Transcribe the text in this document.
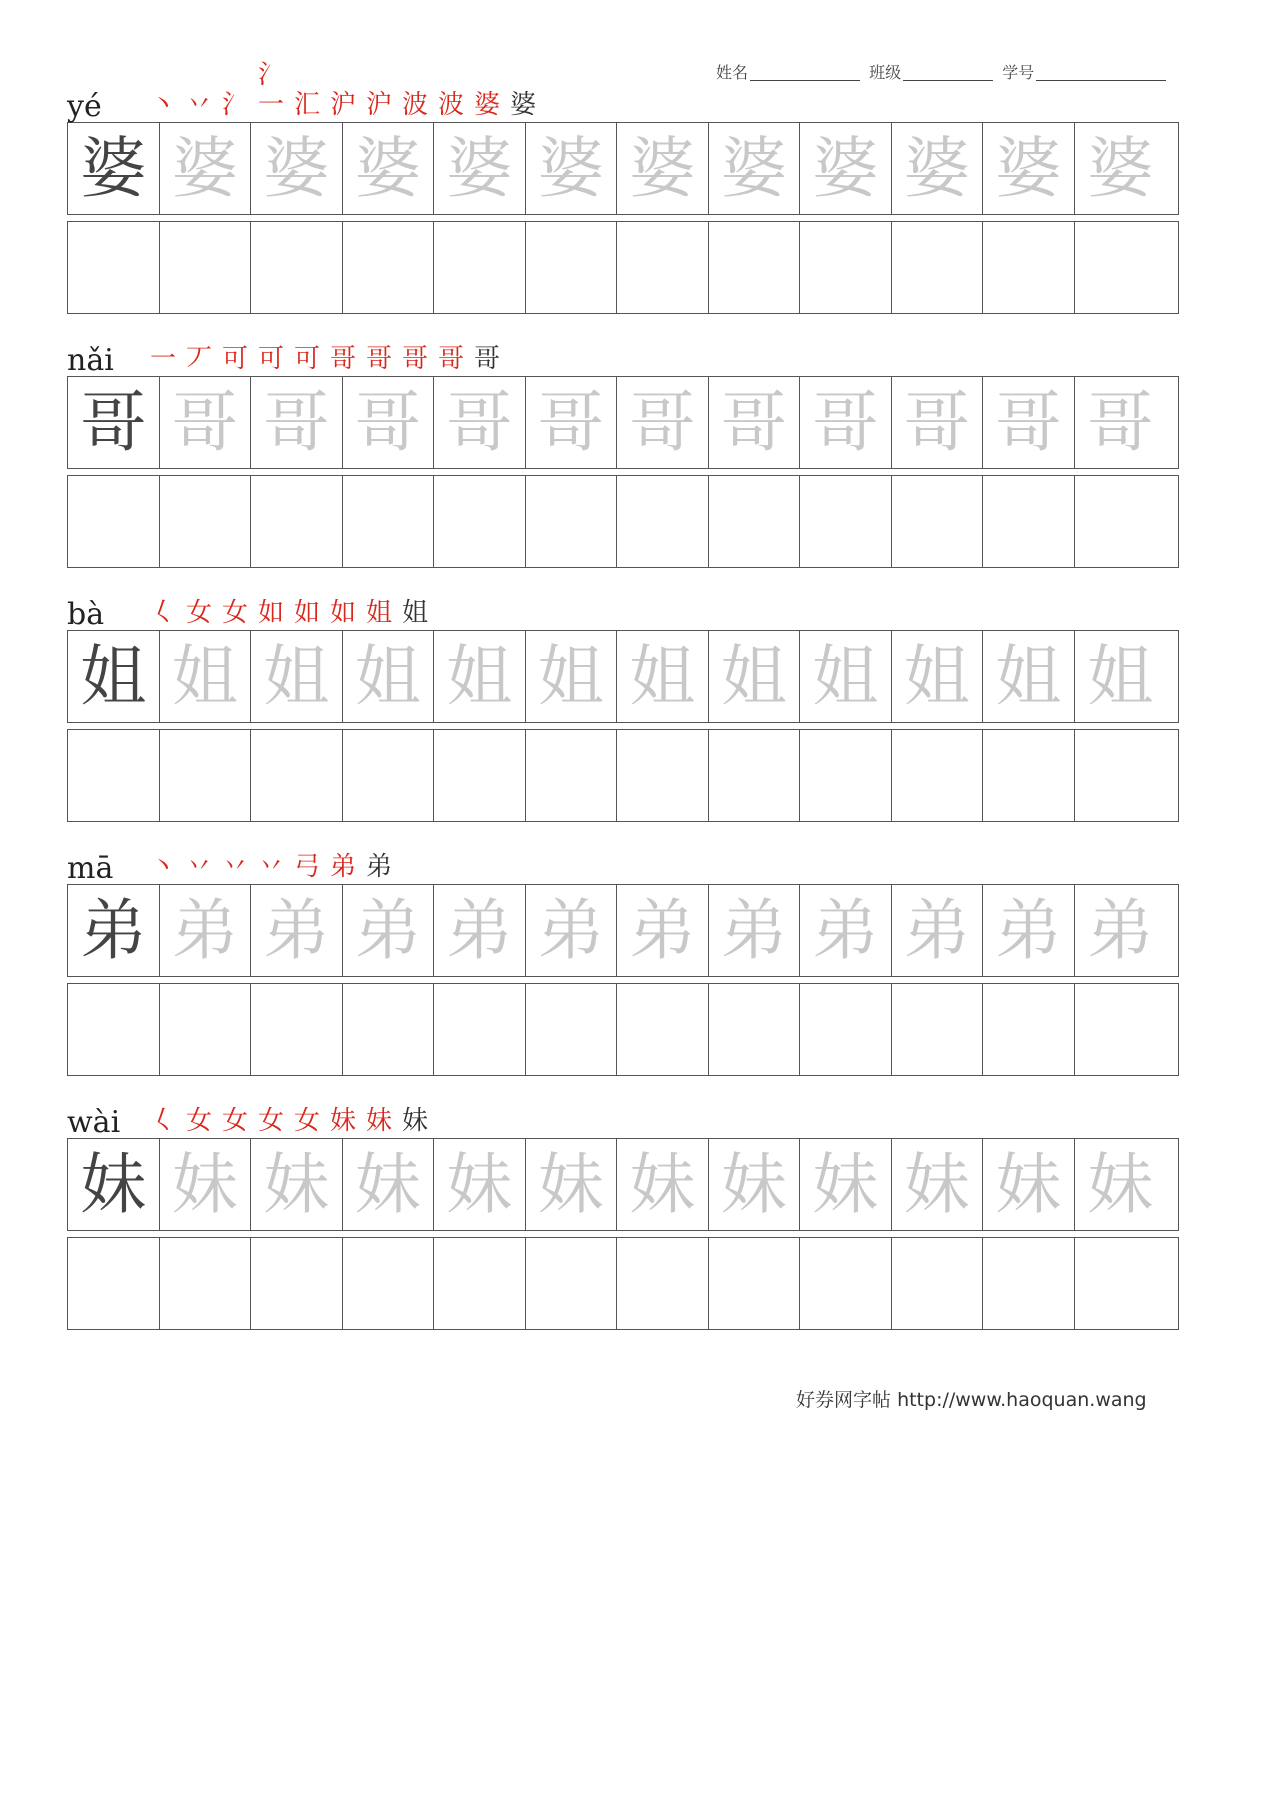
姓名	班级	学号
yé 丶 丷 氵
氵一 汇 沪 沪 波 波 婆 婆
婆 婆 婆 婆 婆 婆 婆 婆 婆 婆 婆 婆
nǎi 一 丆 可 可 可 哥 哥 哥 哥 哥
哥 哥 哥 哥 哥 哥 哥 哥 哥 哥 哥 哥
bà 𡿨 女 女 如 如 如 姐 姐
姐 姐 姐 姐 姐 姐 姐 姐 姐 姐 姐 姐
mā 丶 丷 丷 丷 弓 弟 弟
弟 弟 弟 弟 弟 弟 弟 弟 弟 弟 弟 弟
wài 𡿨 女 女 女 女 妹 妹 妹
妹 妹 妹 妹 妹 妹 妹 妹 妹 妹 妹 妹
好券网字帖 http://www.haoquan.wang
